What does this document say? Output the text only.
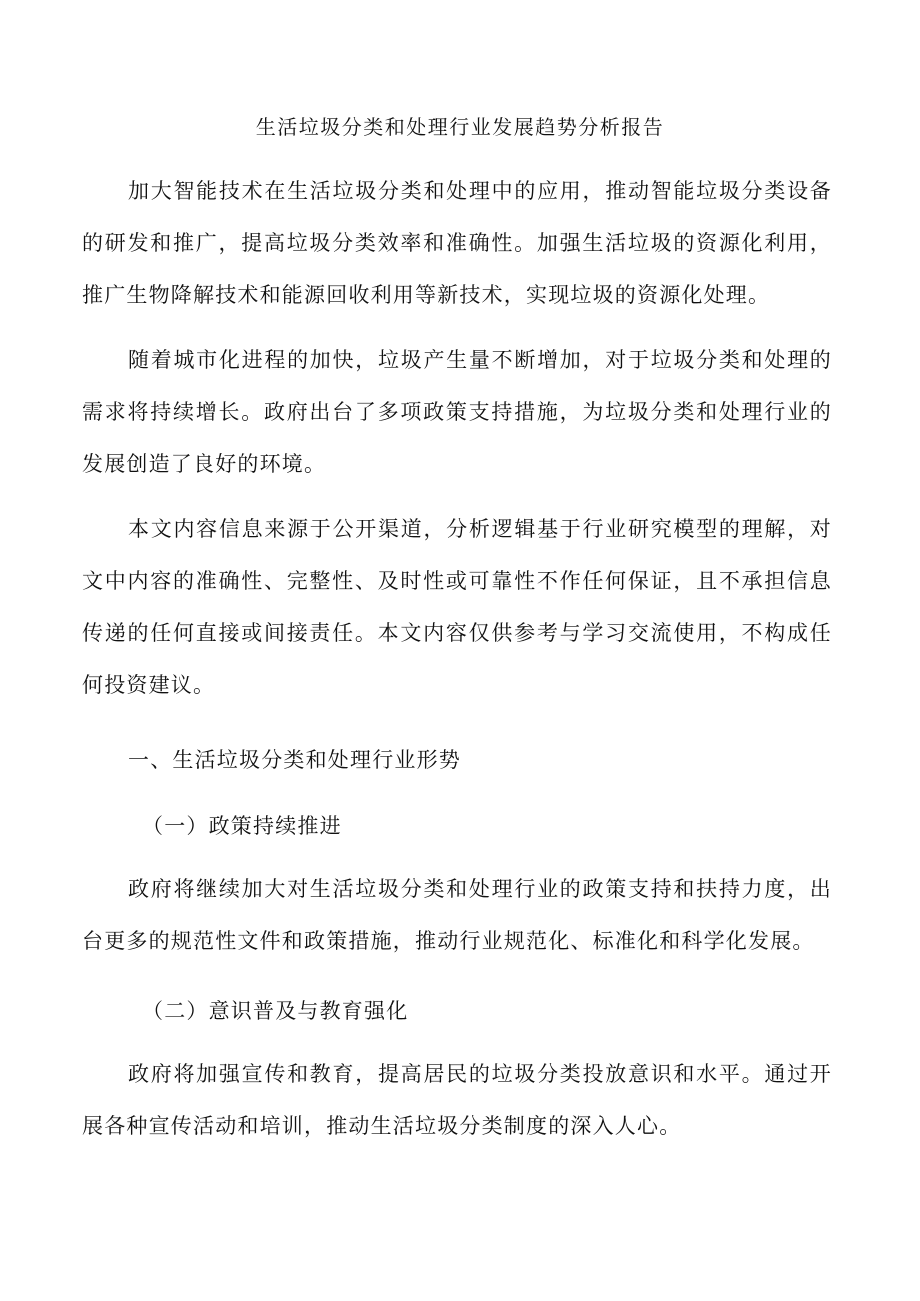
生活垃圾分类和处理行业发展趋势分析报告

加大智能技术在生活垃圾分类和处理中的应用，推动智能垃圾分类设备的研发和推广，提高垃圾分类效率和准确性。加强生活垃圾的资源化利用，推广生物降解技术和能源回收利用等新技术，实现垃圾的资源化处理。

随着城市化进程的加快，垃圾产生量不断增加，对于垃圾分类和处理的需求将持续增长。政府出台了多项政策支持措施，为垃圾分类和处理行业的发展创造了良好的环境。

本文内容信息来源于公开渠道，分析逻辑基于行业研究模型的理解，对文中内容的准确性、完整性、及时性或可靠性不作任何保证，且不承担信息传递的任何直接或间接责任。本文内容仅供参考与学习交流使用，不构成任何投资建议。

一、生活垃圾分类和处理行业形势

（一）政策持续推进

政府将继续加大对生活垃圾分类和处理行业的政策支持和扶持力度，出台更多的规范性文件和政策措施，推动行业规范化、标准化和科学化发展。

（二）意识普及与教育强化

政府将加强宣传和教育，提高居民的垃圾分类投放意识和水平。通过开展各种宣传活动和培训，推动生活垃圾分类制度的深入人心。
